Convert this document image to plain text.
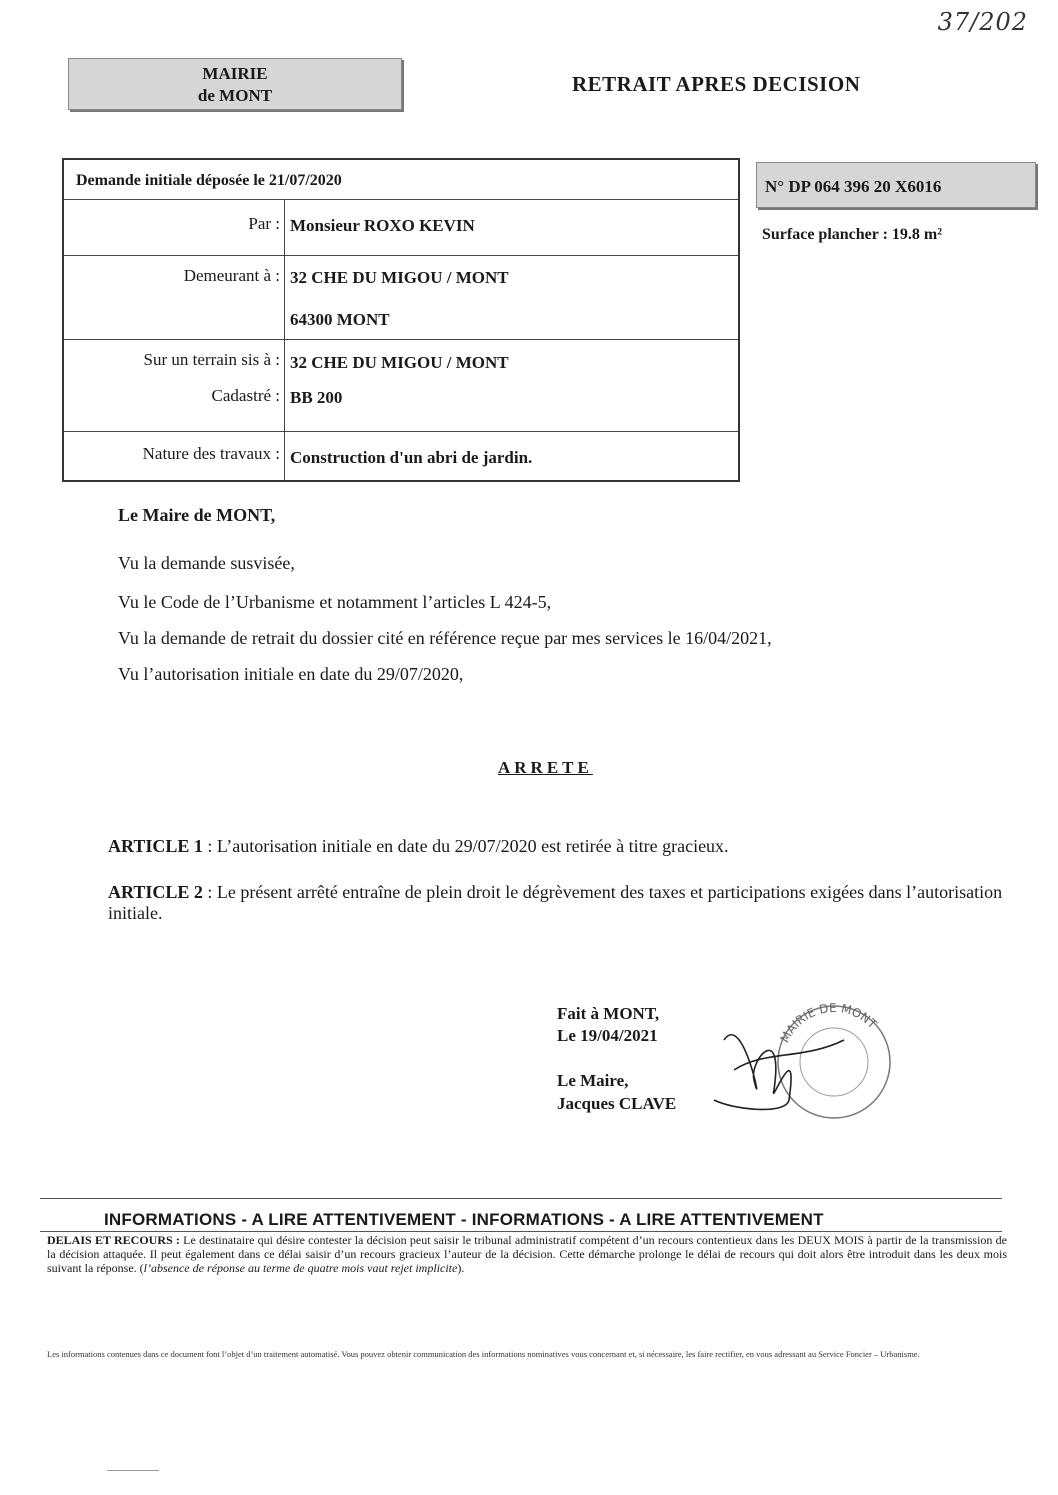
37/202
MAIRIE
de MONT	RETRAIT APRES DECISION
Demande initiale déposée le 21/07/2020
Par : Monsieur ROXO KEVIN
Demeurant à : 32 CHE DU MIGOU / MONT
64300 MONT
Sur un terrain sis à : 32 CHE DU MIGOU / MONT
Cadastré : BB 200
Nature des travaux : Construction d'un abri de jardin.
N° DP 064 396 20 X6016
Surface plancher : 19.8 m²
Le Maire de MONT,
Vu la demande susvisée,
Vu le Code de l’Urbanisme et notamment l’articles L 424-5,
Vu la demande de retrait du dossier cité en référence reçue par mes services le 16/04/2021,
Vu l’autorisation initiale en date du 29/07/2020,
ARRETE
ARTICLE 1 : L’autorisation initiale en date du 29/07/2020 est retirée à titre gracieux.
ARTICLE 2 : Le présent arrêté entraîne de plein droit le dégrèvement des taxes et participations exigées dans l’autorisation initiale.
Fait à MONT,
Le 19/04/2021
Le Maire,
Jacques CLAVE
MAIRIE DE MONT
INFORMATIONS - A LIRE ATTENTIVEMENT - INFORMATIONS - A LIRE ATTENTIVEMENT
DELAIS ET RECOURS : Le destinataire qui désire contester la décision peut saisir le tribunal administratif compétent d’un recours contentieux dans les DEUX MOIS à partir de la transmission de la décision attaquée. Il peut également dans ce délai saisir d’un recours gracieux l’auteur de la décision. Cette démarche prolonge le délai de recours qui doit alors être introduit dans les deux mois suivant la réponse. (l’absence de réponse au terme de quatre mois vaut rejet implicite).
Les informations contenues dans ce document font l’objet d’un traitement automatisé. Vous pouvez obtenir communication des informations nominatives vous concernant et, si nécessaire, les faire rectifier, en vous adressant au Service Foncier – Urbanisme.
